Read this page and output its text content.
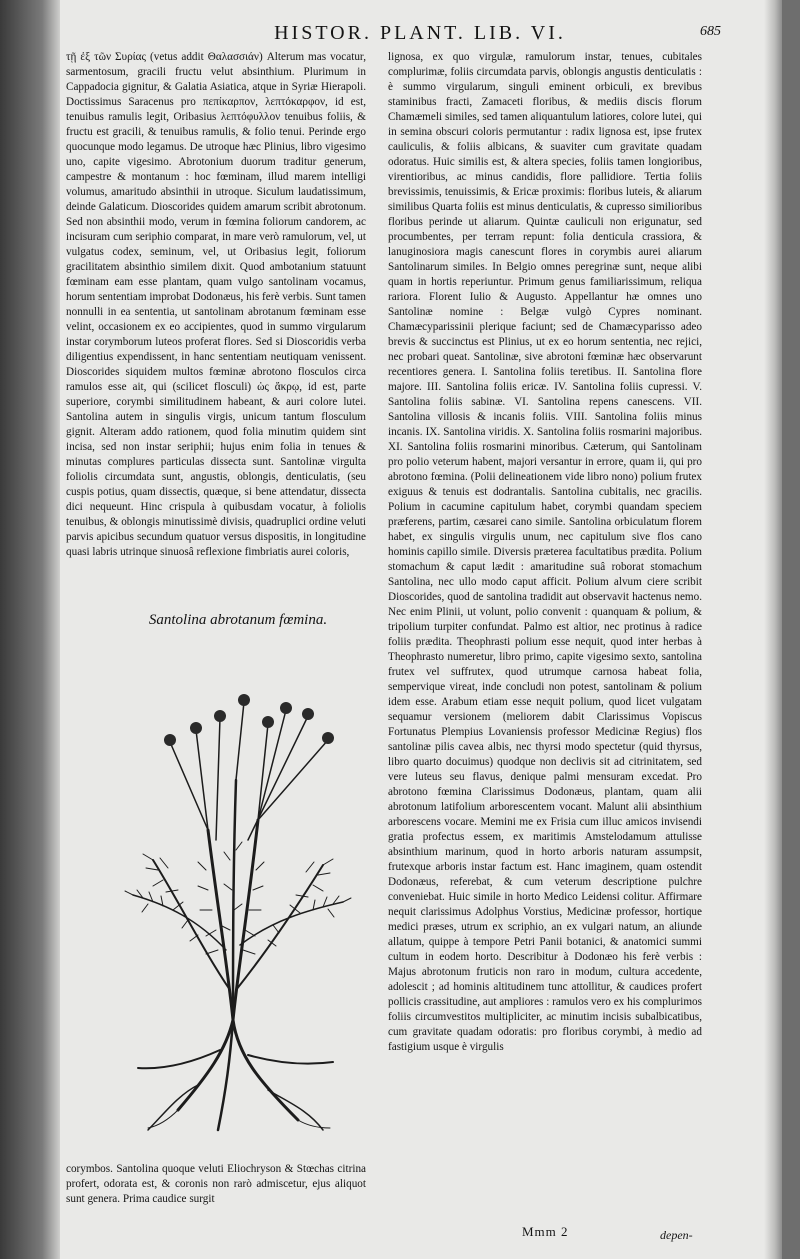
HISTOR. PLANT. LIB. VI.	685

τῇ ἐξ τῶν Συρίας (vetus addit Θαλασσιάν) Alterum mas vocatur, sarmentosum, gracili fructu velut absinthium. Plurimum in Cappadocia gignitur, & Galatia Asiatica, atque in Syriæ Hierapoli. Doctissimus Saracenus pro πεπίκαρπον, λεπτόκαρφον, id est, tenuibus ramulis legit, Oribasius λεπτόφυλλον tenuibus foliis, & fructu est gracili, & tenuibus ramulis, & folio tenui. Perinde ergo quocunque modo legamus. De utroque hæc Plinius, libro vigesimo uno, capite vigesimo. Abrotonium duorum traditur generum, campestre & montanum : hoc fœminam, illud marem intelligi volumus, amaritudo absinthii in utroque. Siculum laudatissimum, deinde Galaticum. Dioscorides quidem amarum scribit abrotonum. Sed non absinthii modo, verum in fœmina foliorum candorem, ac incisuram cum seriphio comparat, in mare verò ramulorum, vel, ut vulgatus codex, seminum, vel, ut Oribasius legit, foliorum gracilitatem absinthio similem dixit. Quod ambotanium statuunt fœminam eam esse plantam, quam vulgo santolinam vocamus, horum sententiam improbat Dodonæus, his ferè verbis. Sunt tamen nonnulli in ea sententia, ut santolinam abrotanum fœminam esse velint, occasionem ex eo accipientes, quod in summo virgularum instar corymborum luteos proferat flores. Sed si Dioscoridis verba diligentius expendissent, in hanc sententiam neutiquam venissent. Dioscorides siquidem multos fœminæ abrotono flosculos circa ramulos esse ait, qui (scilicet flosculi) ὡς ἄκρῳ, id est, parte superiore, corymbi similitudinem habeant, & auri colore lutei. Santolina autem in singulis virgis, unicum tantum flosculum gignit. Alteram addo rationem, quod folia minutim quidem sint incisa, sed non instar seriphii; hujus enim folia in tenues & minutas complures particulas dissecta sunt. Santolinæ virgulta foliolis circumdata sunt, angustis, oblongis, denticulatis, (seu cuspis potius, quam dissectis, quæque, si bene attendatur, dissecta dici nequeunt. Hinc crispula à quibusdam vocatur, à foliolis tenuibus, & oblongis minutissimè divisis, quadruplici ordine veluti parvis apicibus secundum quatuor versus dispositis, in longitudine quasi labris utrinque sinuosâ reflexione fimbriatis aurei coloris,

Santolina abrotanum fœmina.

corymbos. Santolina quoque veluti Eliochryson & Stœchas citrina profert, odorata est, & coronis non rarò admiscetur, ejus aliquot sunt genera. Prima caudice surgit

lignosa, ex quo virgulæ, ramulorum instar, tenues, cubitales complurimæ, foliis circumdata parvis, oblongis angustis denticulatis : è summo virgularum, singuli eminent orbiculi, ex brevibus staminibus fracti, Zamaceti floribus, & mediis discis florum Chamæmeli similes, sed tamen aliquantulum latiores, colore lutei, qui in semina obscuri coloris permutantur : radix lignosa est, ipse frutex cauliculis, & foliis albicans, & suaviter cum gravitate quadam odoratus. Huic similis est, & altera species, foliis tamen longioribus, virentioribus, ac minus candidis, flore pallidiore. Tertia foliis brevissimis, tenuissimis, & Ericæ proximis: floribus luteis, & aliarum similibus Quarta foliis est minus denticulatis, & cupresso similioribus floribus perinde ut aliarum. Quintæ cauliculi non erigunatur, sed procumbentes, per terram repunt: folia denticula crassiora, & lanuginosiora magis canescunt flores in corymbis aurei aliarum Santolinarum similes. In Belgio omnes peregrinæ sunt, neque alibi quam in hortis reperiuntur. Primum genus familiarissimum, reliqua rariora. Florent Iulio & Augusto. Appellantur hæ omnes uno Santolinæ nomine : Belgæ vulgò Cypres nominant. Chamæcyparissinii plerique faciunt; sed de Chamæcyparisso adeo brevis & succinctus est Plinius, ut ex eo horum sententia, nec rejici, nec probari queat. Santolinæ, sive abrotoni fœminæ hæc observarunt recentiores genera. I. Santolina foliis teretibus. II. Santolina flore majore. III. Santolina foliis ericæ. IV. Santolina foliis cupressi. V. Santolina foliis sabinæ. VI. Santolina repens canescens. VII. Santolina villosis & incanis foliis. VIII. Santolina foliis minus incanis. IX. Santolina viridis. X. Santolina foliis rosmarini majoribus. XI. Santolina foliis rosmarini minoribus. Cæterum, qui Santolinam pro polio veterum habent, majori versantur in errore, quam ii, qui pro abrotono fœmina. (Polii delineationem vide libro nono) polium frutex exiguus & tenuis est dodrantalis. Santolina cubitalis, nec gracilis. Polium in cacumine capitulum habet, corymbi quandam speciem præferens, partim, cæsarei cano simile. Santolina orbiculatum florem habet, ex singulis virgulis unum, nec capitulum sive flos cano hominis capillo simile. Diversis præterea facultatibus prædita. Polium stomachum & caput lædit : amaritudine suâ roborat stomachum Santolina, nec ullo modo caput afficit. Polium alvum ciere scribit Dioscorides, quod de santolina tradidit aut observavit hactenus nemo. Nec enim Plinii, ut volunt, polio convenit : quanquam & polium, & tripolium turpiter confundat. Palmo est altior, nec protinus à radice foliis prædita. Theophrasti polium esse nequit, quod inter herbas à Theophrasto numeretur, libro primo, capite vigesimo sexto, santolina frutex vel suffrutex, quod utrumque carnosa habeat folia, sempervique vireat, inde concludi non potest, santolinam & polium idem esse. Arabum etiam esse nequit polium, quod licet vulgatam sequamur versionem (meliorem dabit Clarissimus Vopiscus Fortunatus Plempius Lovaniensis professor Medicinæ Regius) flos santolinæ pilis cavea albis, nec thyrsi modo spectetur (quid thyrsus, libro quarto docuimus) quodque non declivis sit ad citrinitatem, sed vere luteus seu flavus, denique palmi mensuram excedat. Pro abrotono fœmina Clarissimus Dodonæus, plantam, quam alii abrotonum latifolium arborescentem vocant. Malunt alii absinthium arborescens vocare. Memini me ex Frisia cum illuc amicos invisendi gratia profectus essem, ex maritimis Amstelodamum attulisse absinthium marinum, quod in horto arboris naturam assumpsit, frutexque arboris instar factum est. Hanc imaginem, quam ostendit Dodonæus, referebat, & cum veterum descriptione pulchre conveniebat. Huic simile in horto Medico Leidensi colitur. Affirmare nequit clarissimus Adolphus Vorstius, Medicinæ professor, hortique medici præses, utrum ex scriphio, an ex vulgari natum, an aliunde allatum, quippe à tempore Petri Panii botanici, & anatomici summi cultum in eodem horto. Describitur à Dodonæo his ferè verbis : Majus abrotonum fruticis non raro in modum, cultura accedente, adolescit ; ad hominis altitudinem tunc attollitur, & caudices profert pollicis crassitudine, aut ampliores : ramulos vero ex his complurimos foliis circumvestitos multipliciter, ac minutim incisis subalbicatibus, cum gravitate quadam odoratis: pro floribus corymbi, à medio ad fastigium usque è virgulis

Mmm 2	depen-
